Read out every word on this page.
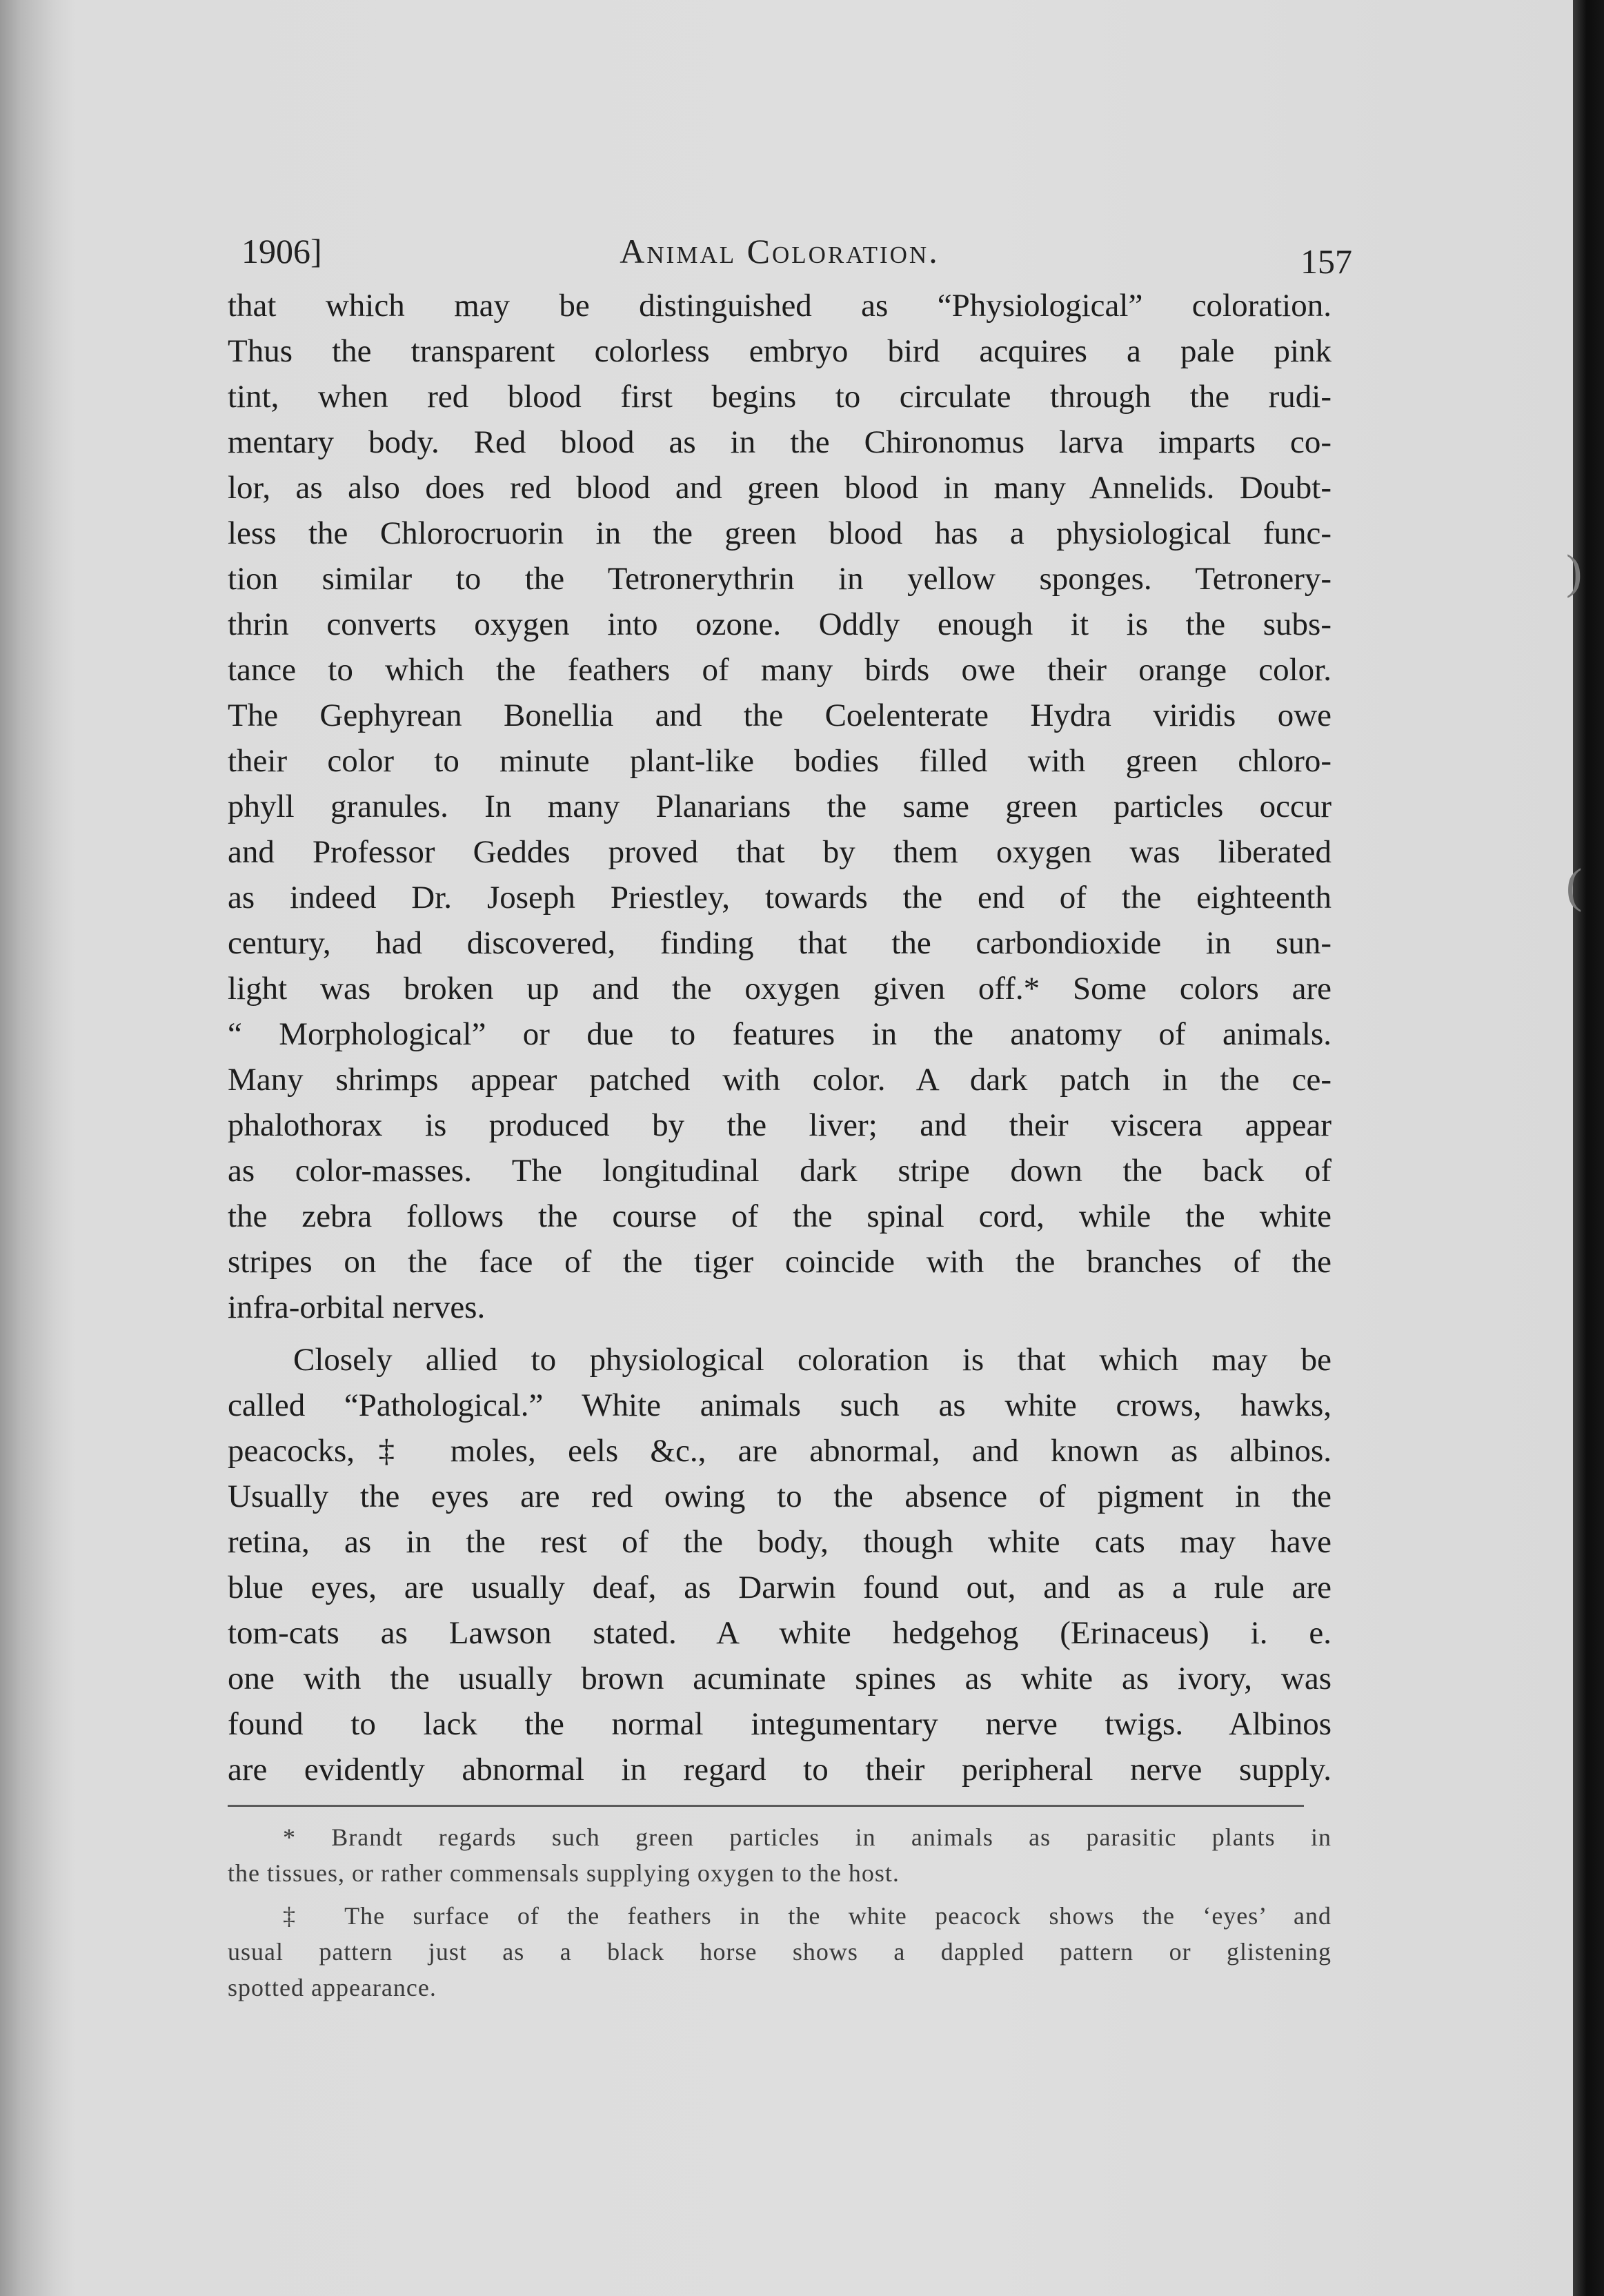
)
(
1906]	Animal Coloration.	157

that which may be distinguished as “Physiological” coloration.
Thus the transparent colorless embryo bird acquires a pale pink
tint, when red blood first begins to circulate through the rudi-
mentary body. Red blood as in the Chironomus larva imparts co-
lor, as also does red blood and green blood in many Annelids. Doubt-
less the Chlorocruorin in the green blood has a physiological func-
tion similar to the Tetronerythrin in yellow sponges. Tetronery-
thrin converts oxygen into ozone. Oddly enough it is the subs-
tance to which the feathers of many birds owe their orange color.
The Gephyrean Bonellia and the Coelenterate Hydra viridis owe
their color to minute plant-like bodies filled with green chloro-
phyll granules. In many Planarians the same green particles occur
and Professor Geddes proved that by them oxygen was liberated
as indeed Dr. Joseph Priestley, towards the end of the eighteenth
century, had discovered, finding that the carbondioxide in sun-
light was broken up and the oxygen given off.* Some colors are
“ Morphological” or due to features in the anatomy of animals.
Many shrimps appear patched with color. A dark patch in the ce-
phalothorax is produced by the liver; and their viscera appear
as color-masses. The longitudinal dark stripe down the back of
the zebra follows the course of the spinal cord, while the white
stripes on the face of the tiger coincide with the branches of the
infra-orbital nerves.

Closely allied to physiological coloration is that which may be
called “Pathological.” White animals such as white crows, hawks,
peacocks,‡ moles, eels &c., are abnormal, and known as albinos.
Usually the eyes are red owing to the absence of pigment in the
retina, as in the rest of the body, though white cats may have
blue eyes, are usually deaf, as Darwin found out, and as a rule are
tom-cats as Lawson stated. A white hedgehog (Erinaceus) i. e.
one with the usually brown acuminate spines as white as ivory, was
found to lack the normal integumentary nerve twigs. Albinos
are evidently abnormal in regard to their peripheral nerve supply.

* Brandt regards such green particles in animals as parasitic plants in
the tissues, or rather commensals supplying oxygen to the host.

‡ The surface of the feathers in the white peacock shows the ‘eyes’ and
usual pattern just as a black horse shows a dappled pattern or glistening
spotted appearance.
